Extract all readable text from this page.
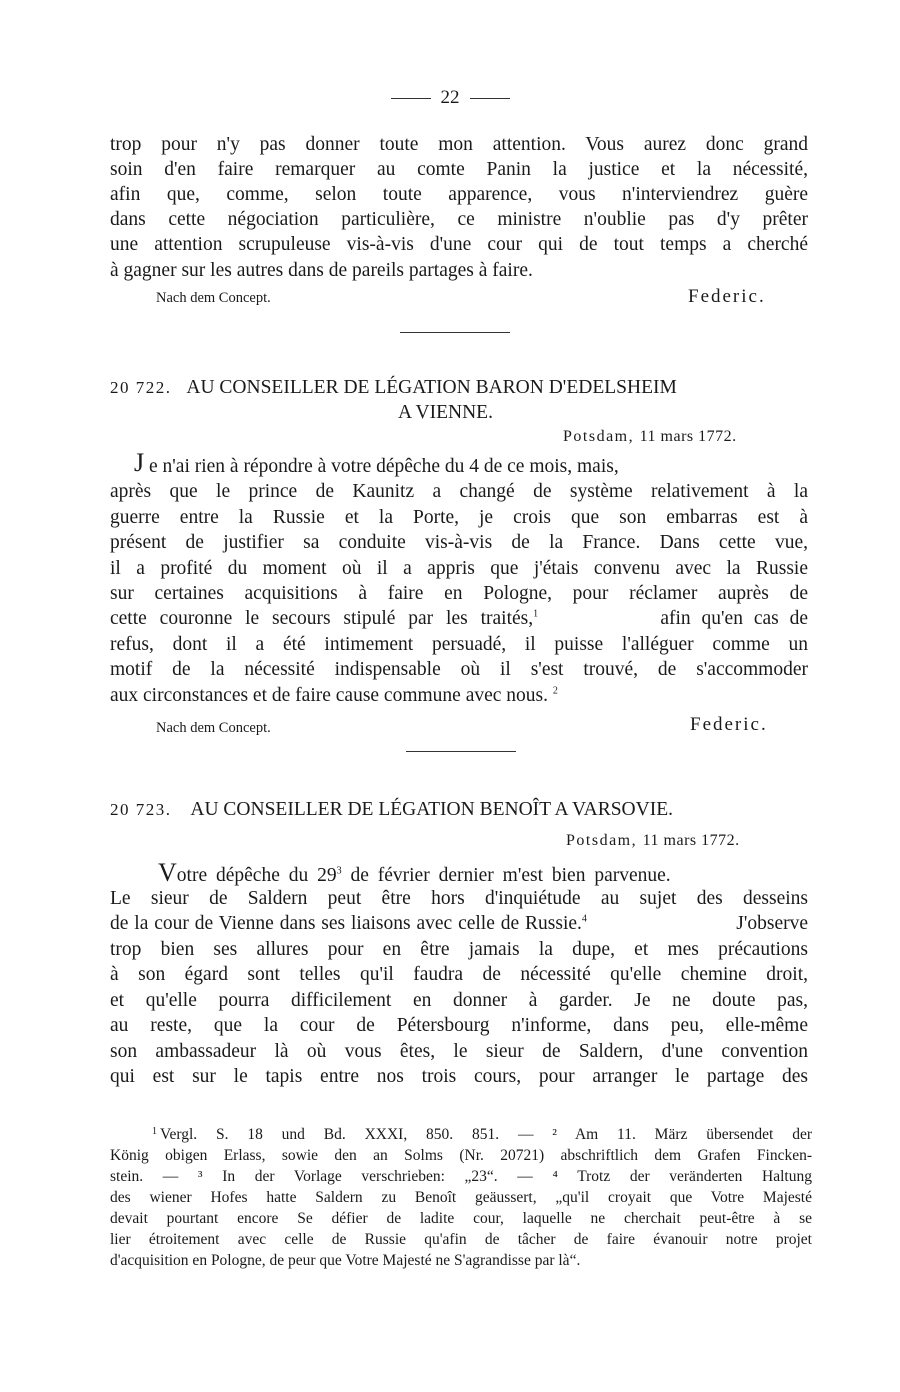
22
trop pour n'y pas donner toute mon attention. Vous aurez donc grand
soin d'en faire remarquer au comte Panin la justice et la nécessité,
afin que, comme, selon toute apparence, vous n'interviendrez guère
dans cette négociation particulière, ce ministre n'oublie pas d'y prêter
une attention scrupuleuse vis-à-vis d'une cour qui de tout temps a cherché
à gagner sur les autres dans de pareils partages à faire.
Nach dem Concept.	Federic.
20 722. AU CONSEILLER DE LÉGATION BARON D'EDELSHEIM
A VIENNE.
Potsdam, 11 mars 1772.
J e n'ai rien à répondre à votre dépêche du 4 de ce mois, mais,
après que le prince de Kaunitz a changé de système relativement à la
guerre entre la Russie et la Porte, je crois que son embarras est à
présent de justifier sa conduite vis-à-vis de la France. Dans cette vue,
il a profité du moment où il a appris que j'étais convenu avec la Russie
sur certaines acquisitions à faire en Pologne, pour réclamer auprès de
cette couronne le secours stipulé par les traités,$^1$	afin qu'en cas de
refus, dont il a été intimement persuadé, il puisse l'alléguer comme un
motif de la nécessité indispensable où il s'est trouvé, de s'accommoder
aux circonstances et de faire cause commune avec nous. $^2$
Nach dem Concept.	Federic.
20 723. AU CONSEILLER DE LÉGATION BENOÎT A VARSOVIE.
Potsdam, 11 mars 1772.
Votre dépêche du $29^3$ de février dernier m'est bien parvenue.
Le sieur de Saldern peut être hors d'inquiétude au sujet des desseins
de la cour de Vienne dans ses liaisons avec celle de Russie.$^4$	J'observe
trop bien ses allures pour en être jamais la dupe, et mes précautions
à son égard sont telles qu'il faudra de nécessité qu'elle chemine droit,
et qu'elle pourra difficilement en donner à garder. Je ne doute pas,
au reste, que la cour de Pétersbourg n'informe, dans peu, elle-même
son ambassadeur là où vous êtes, le sieur de Saldern, d'une convention
qui est sur le tapis entre nos trois cours, pour arranger le partage des
1 Vergl. S. 18 und Bd. XXXI, 850. 851. — ² Am 11. März übersendet der
König obigen Erlass, sowie den an Solms (Nr. 20721) abschriftlich dem Grafen Fincken-
stein. — ³ In der Vorlage verschrieben: „23“. — ⁴ Trotz der veränderten Haltung
des wiener Hofes hatte Saldern zu Benoît geäussert, „qu'il croyait que Votre Majesté
devait pourtant encore Se défier de ladite cour, laquelle ne cherchait peut-être à se
lier étroitement avec celle de Russie qu'afin de tâcher de faire évanouir notre projet
d'acquisition en Pologne, de peur que Votre Majesté ne S'agrandisse par là“.
